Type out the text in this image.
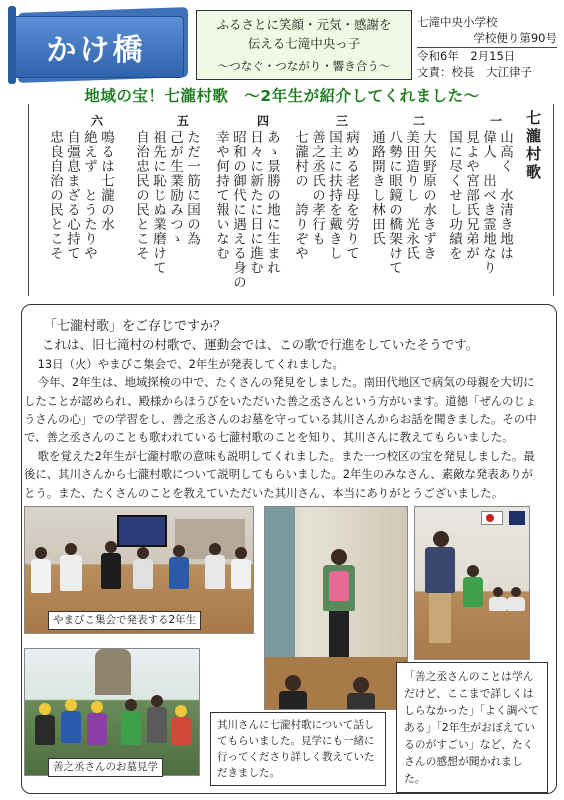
かけ橋
ふるさとに笑顔・元気・感謝を
伝える七滝中央っ子
〜つなぐ・つながり・響き合う〜
七滝中央小学校
学校便り第90号
令和6年　2月15日
文責：校長　大江律子
地域の宝！七瀧村歌　〜2年生が紹介してくれました〜
七瀧村歌
一
山高く　水清き地は
偉人　出べき霊地なり
見よや宮部氏兄弟が
国に尽くせし功績を
二
大矢野原の水きずき
美田造りし　光永氏
八勢に眼鏡の橋架けて
通路開きし林田氏
三
病める老母を労りて
国主に扶持を戴きし
善之丞氏の孝行も
七瀧村の　誇りぞや
四
あゝ景勝の地に生まれ
日々に新たに日に進む
昭和の御代に遇える身の
幸や何持て報いなむ
五
ただ一筋に国の為
己が生業励みつゝ
祖先に恥じぬ業磨けて
自治忠民の民とこそ
六
鳴るは七瀧の水
絶えず　とうたりや
自彊息まざる心持て
忠良自治の民とこそ

「七瀧村歌」をご存じですか？

これは、旧七滝村の村歌で、運動会では、この歌で行進をしていたそうです。

13日（火）やまびこ集会で、2年生が発表してくれました。

今年、2年生は、地域探検の中で、たくさんの発見をしました。南田代地区で病気の母親を大切にしたことが認められ、殿様からほうびをいただいた善之丞さんという方がいます。道徳「ぜんのじょうさんの心」での学習をし、善之丞さんのお墓を守っている其川さんからお話を聞きました。その中で、善之丞さんのことも歌われている七瀧村歌のことを知り、其川さんに教えてもらいました。

歌を覚えた2年生が七瀧村歌の意味も説明してくれました。また一つ校区の宝を発見しました。最後に、其川さんから七瀧村歌について説明してもらいました。2年生のみなさん、素敵な発表ありがとう。また、たくさんのことを教えていただいた其川さん、本当にありがとうございました。

やまびこ集会で発表する2年生
善之丞さんのお墓見学
其川さんに七瀧村歌について話してもらいました。見学にも一緒に行ってくださり詳しく教えていただきました。
「善之丞さんのことは学んだけど、ここまで詳しくはしらなかった」「よく調べてある」「2年生がおぼえているのがすごい」など、たくさんの感想が聞かれました。
